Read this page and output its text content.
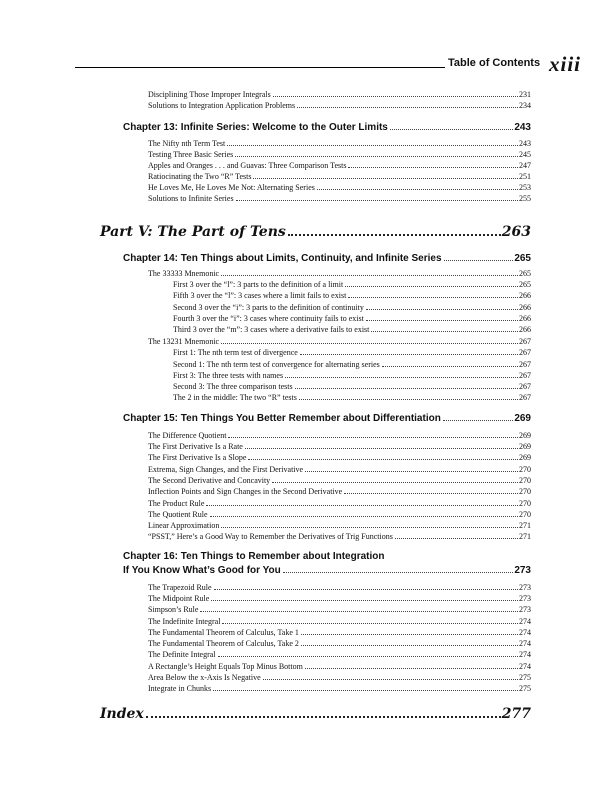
Table of Contents xiii
Disciplining Those Improper Integrals	231
Solutions to Integration Application Problems	234
Chapter 13: Infinite Series: Welcome to the Outer Limits	243
The Nifty nth Term Test	243
Testing Three Basic Series	245
Apples and Oranges . . . and Guavas: Three Comparison Tests	247
Ratiocinating the Two “R” Tests	251
He Loves Me, He Loves Me Not: Alternating Series	253
Solutions to Infinite Series	255
Part V: The Part of Tens	263
Chapter 14: Ten Things about Limits, Continuity, and Infinite Series	265
The 33333 Mnemonic	265
First 3 over the “l”: 3 parts to the definition of a limit	265
Fifth 3 over the “l”: 3 cases where a limit fails to exist	266
Second 3 over the “i”: 3 parts to the definition of continuity	266
Fourth 3 over the “i”: 3 cases where continuity fails to exist	266
Third 3 over the “m”: 3 cases where a derivative fails to exist	266
The 13231 Mnemonic	267
First 1: The nth term test of divergence	267
Second 1: The nth term test of convergence for alternating series	267
First 3: The three tests with names	267
Second 3: The three comparison tests	267
The 2 in the middle: The two “R” tests	267
Chapter 15: Ten Things You Better Remember about Differentiation	269
The Difference Quotient	269
The First Derivative Is a Rate	269
The First Derivative Is a Slope	269
Extrema, Sign Changes, and the First Derivative	270
The Second Derivative and Concavity	270
Inflection Points and Sign Changes in the Second Derivative	270
The Product Rule	270
The Quotient Rule	270
Linear Approximation	271
“PSST,” Here’s a Good Way to Remember the Derivatives of Trig Functions	271
Chapter 16: Ten Things to Remember about Integration
If You Know What’s Good for You	273
The Trapezoid Rule	273
The Midpoint Rule	273
Simpson’s Rule	273
The Indefinite Integral	274
The Fundamental Theorem of Calculus, Take 1	274
The Fundamental Theorem of Calculus, Take 2	274
The Definite Integral	274
A Rectangle’s Height Equals Top Minus Bottom	274
Area Below the x-Axis Is Negative	275
Integrate in Chunks	275
Index	277
